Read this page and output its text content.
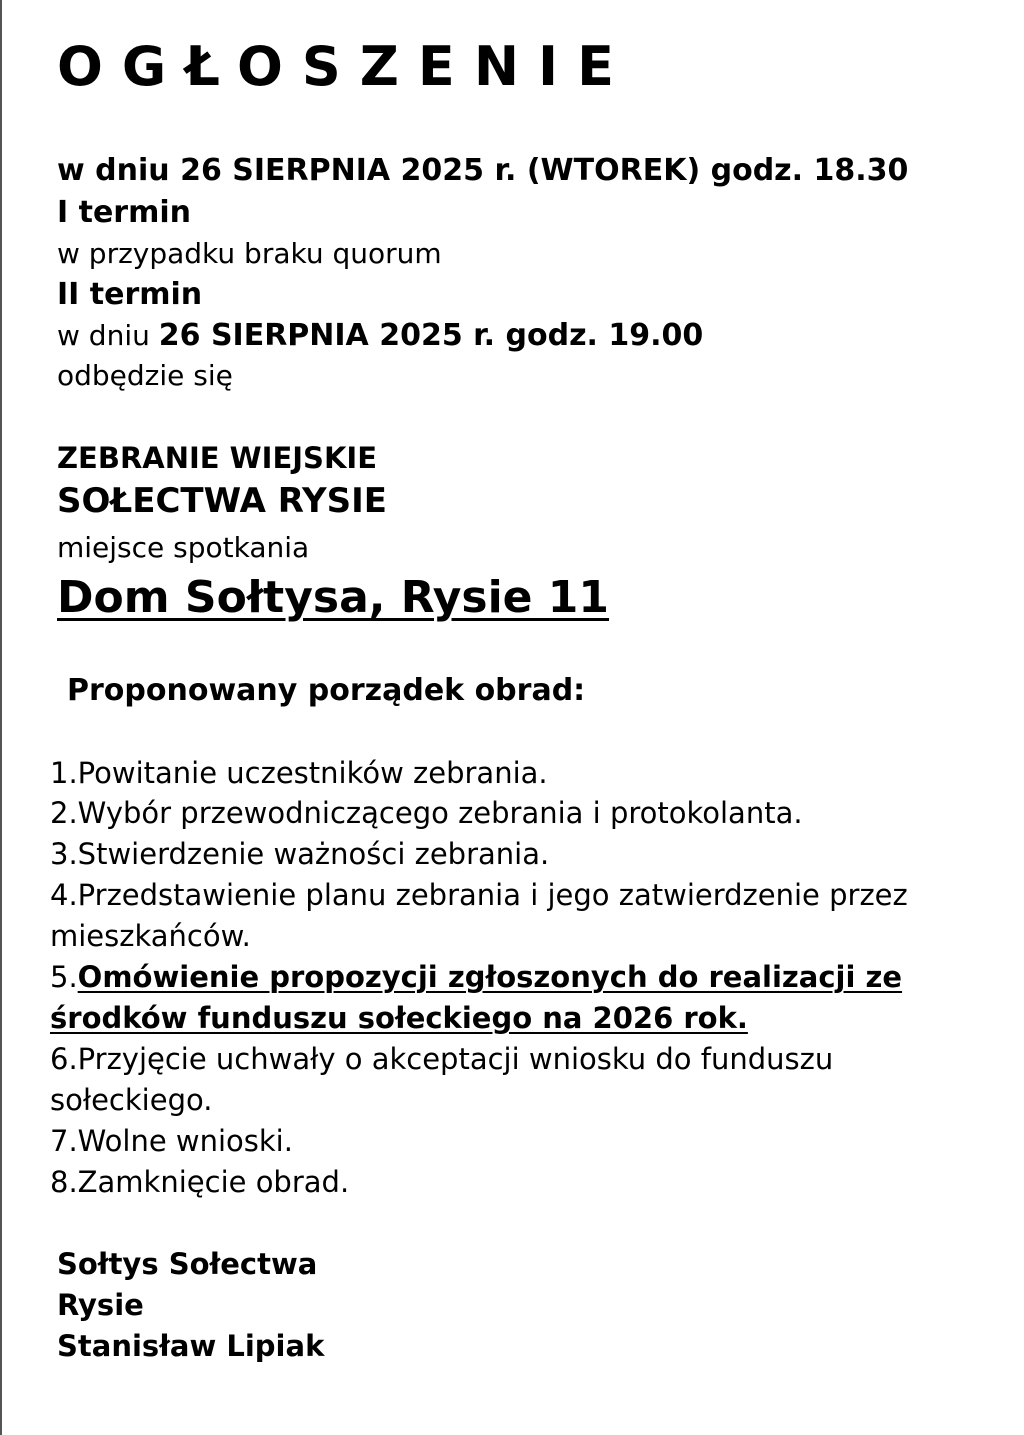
OGŁOSZENIE
w dniu 26 SIERPNIA 2025 r. (WTOREK) godz. 18.30
I termin
w przypadku braku quorum
II termin
w dniu 26 SIERPNIA 2025 r. godz. 19.00
odbędzie się
ZEBRANIE WIEJSKIE
SOŁECTWA RYSIE
miejsce spotkania
Dom Sołtysa, Rysie 11
Proponowany porządek obrad:
1.Powitanie uczestników zebrania.
2.Wybór przewodniczącego zebrania i protokolanta.
3.Stwierdzenie ważności zebrania.
4.Przedstawienie planu zebrania i jego zatwierdzenie przez
mieszkańców.
5.Omówienie propozycji zgłoszonych do realizacji ze
środków funduszu sołeckiego na 2026 rok.
6.Przyjęcie uchwały o akceptacji wniosku do funduszu
sołeckiego.
7.Wolne wnioski.
8.Zamknięcie obrad.
Sołtys Sołectwa
Rysie
Stanisław Lipiak
